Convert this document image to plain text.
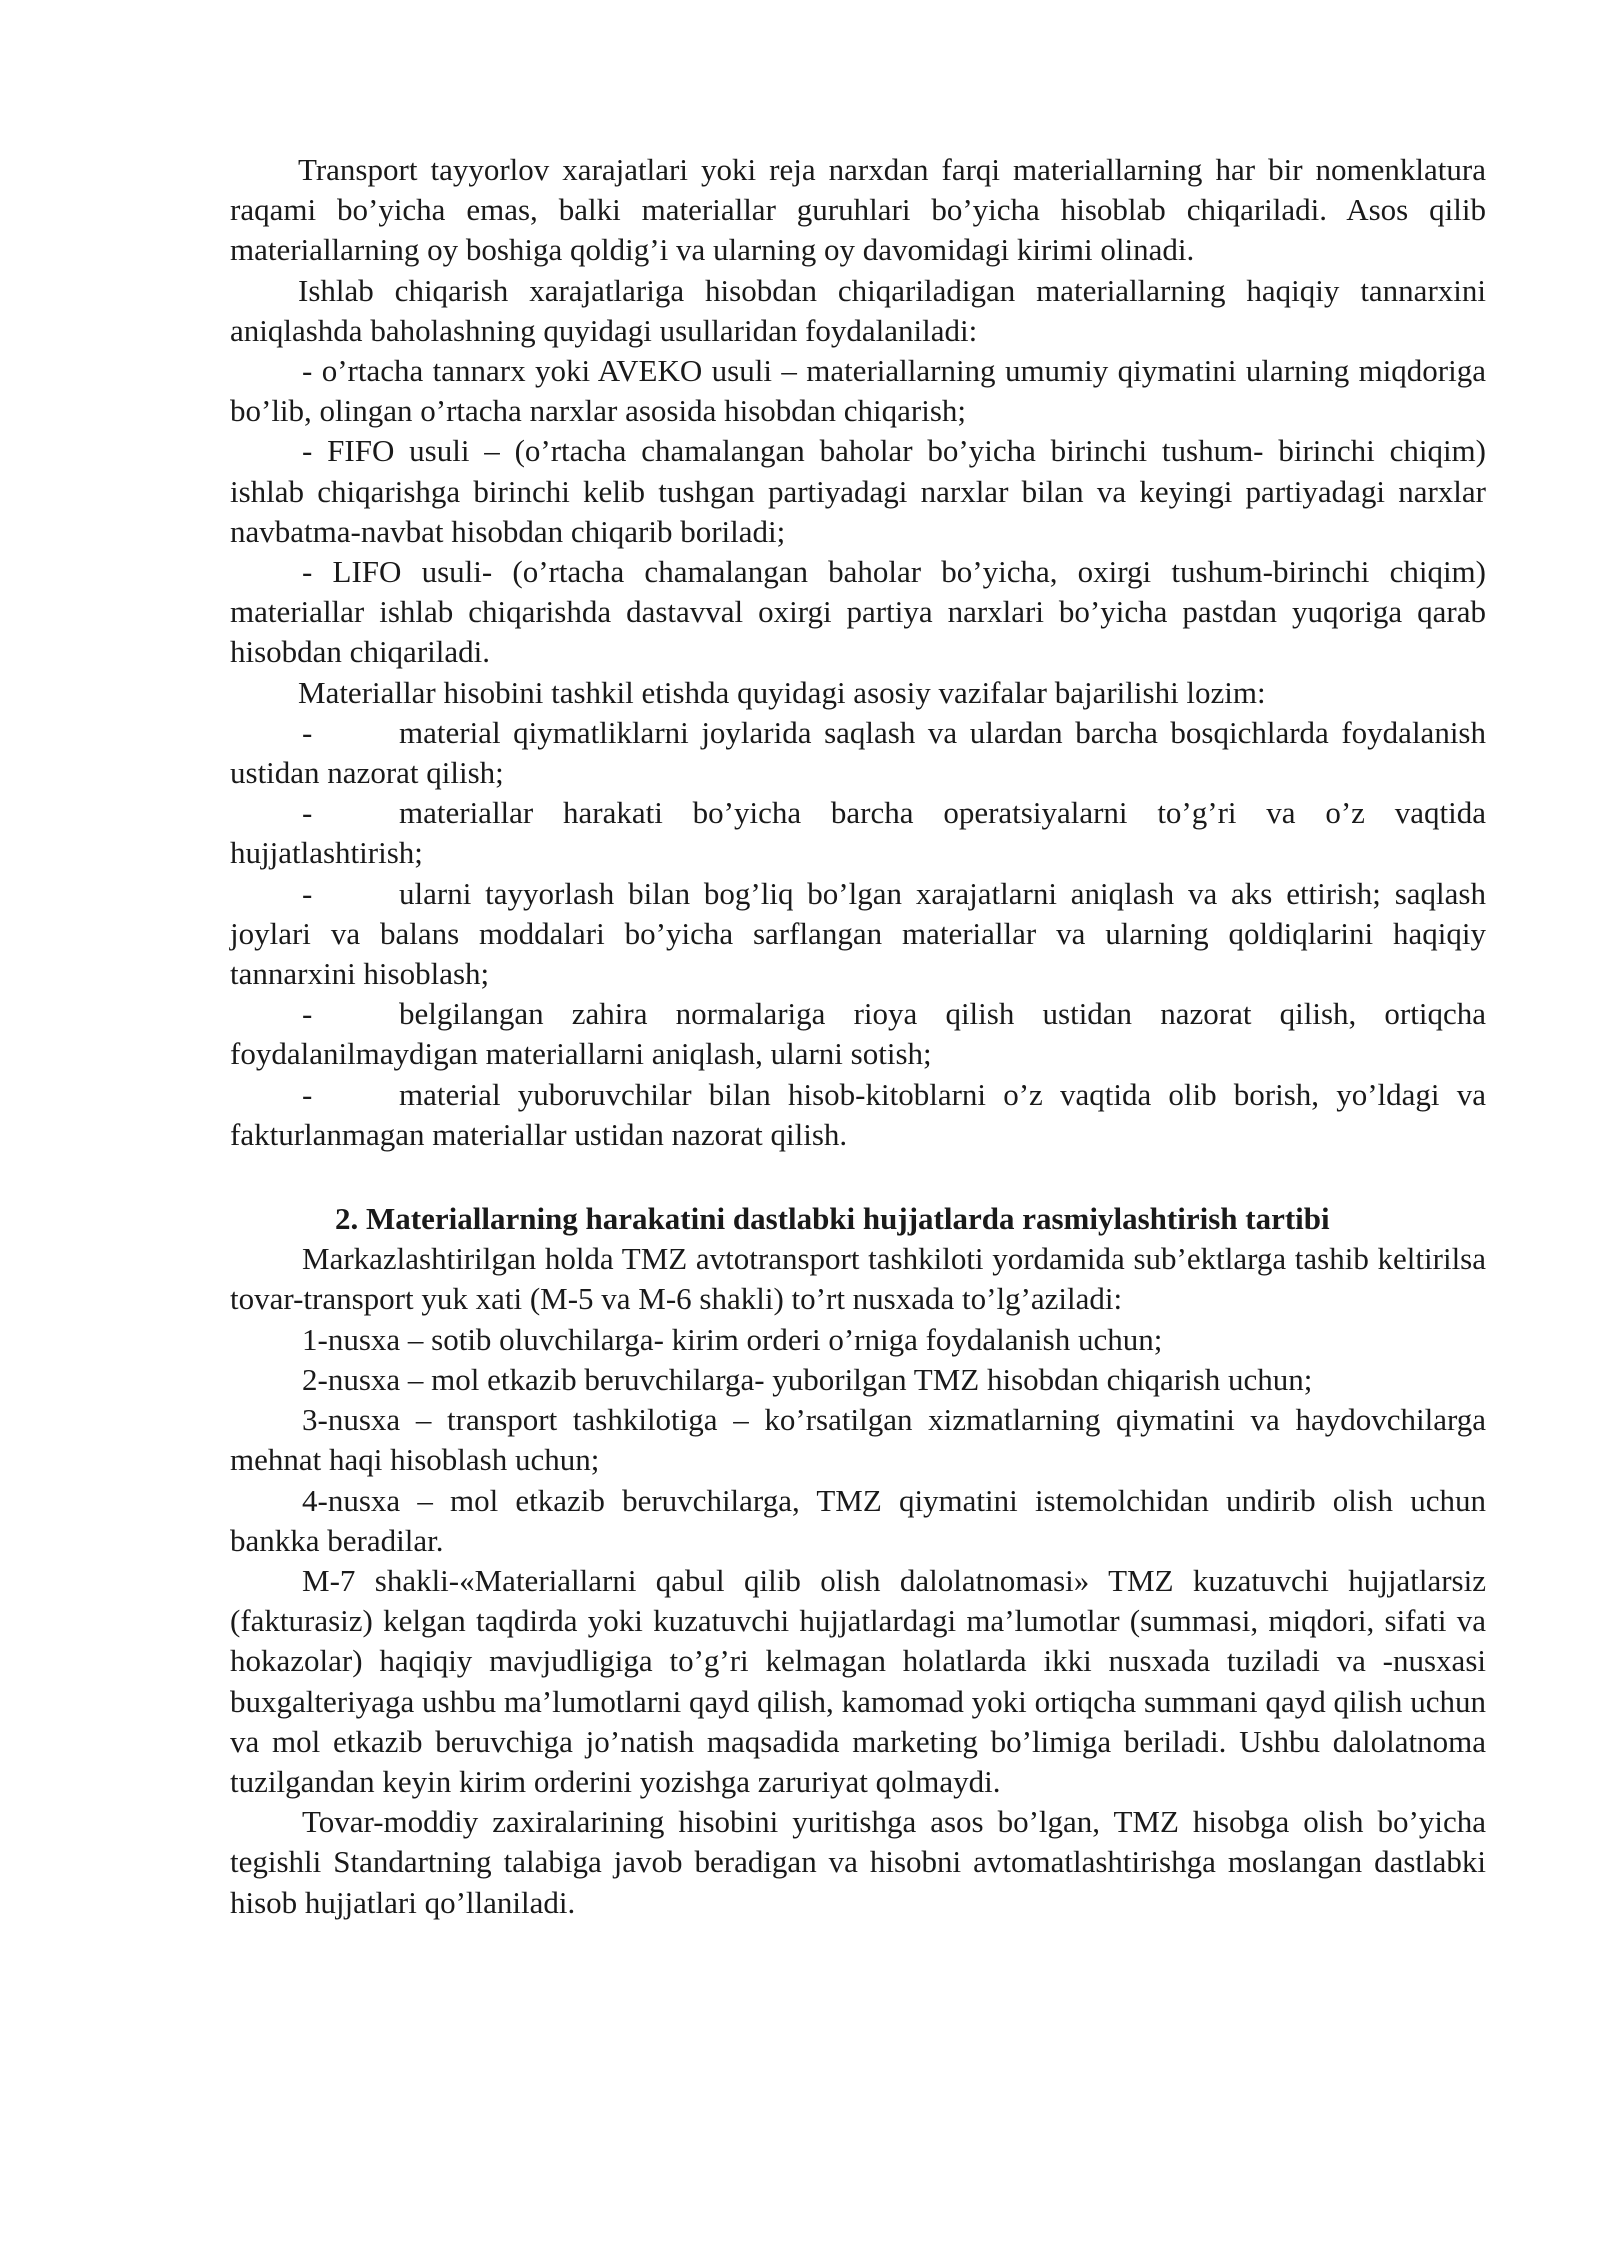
Transport tayyorlov xarajatlari yoki reja narxdan farqi materiallarning har bir nomenklatura raqami bo’yicha emas, balki materiallar guruhlari bo’yicha hisoblab chiqariladi. Asos qilib materiallarning oy boshiga qoldig’i va ularning oy davomidagi kirimi olinadi.

Ishlab chiqarish xarajatlariga hisobdan chiqariladigan materiallarning haqiqiy tannarxini aniqlashda baholashning quyidagi usullaridan foydalaniladi:

- o’rtacha tannarx yoki AVEKO usuli – materiallarning umumiy qiymatini ularning miqdoriga bo’lib, olingan o’rtacha narxlar asosida hisobdan chiqarish;

- FIFO usuli – (o’rtacha chamalangan baholar bo’yicha birinchi tushum- birinchi chiqim) ishlab chiqarishga birinchi kelib tushgan partiyadagi narxlar bilan va keyingi partiyadagi narxlar navbatma-navbat hisobdan chiqarib boriladi;

- LIFO usuli- (o’rtacha chamalangan baholar bo’yicha, oxirgi tushum-birinchi chiqim) materiallar ishlab chiqarishda dastavval oxirgi partiya narxlari bo’yicha pastdan yuqoriga qarab hisobdan chiqariladi.

Materiallar hisobini tashkil etishda quyidagi asosiy vazifalar bajarilishi lozim:

-	material qiymatliklarni joylarida saqlash va ulardan barcha bosqichlarda foydalanish ustidan nazorat qilish;

-	materiallar harakati bo’yicha barcha operatsiyalarni to’g’ri va o’z vaqtida hujjatlashtirish;

-	ularni tayyorlash bilan bog’liq bo’lgan xarajatlarni aniqlash va aks ettirish; saqlash joylari va balans moddalari bo’yicha sarflangan materiallar va ularning qoldiqlarini haqiqiy tannarxini hisoblash;

-	belgilangan zahira normalariga rioya qilish ustidan nazorat qilish, ortiqcha foydalanilmaydigan materiallarni aniqlash, ularni sotish;

-	material yuboruvchilar bilan hisob-kitoblarni o’z vaqtida olib borish, yo’ldagi va fakturlanmagan materiallar ustidan nazorat qilish.

2. Materiallarning harakatini dastlabki hujjatlarda rasmiylashtirish tartibi

Markazlashtirilgan holda TMZ avtotransport tashkiloti yordamida sub’ektlarga tashib keltirilsa tovar-transport yuk xati (M-5 va M-6 shakli) to’rt nusxada to’lg’aziladi:

1-nusxa – sotib oluvchilarga- kirim orderi o’rniga foydalanish uchun;

2-nusxa – mol etkazib beruvchilarga- yuborilgan TMZ hisobdan chiqarish uchun;

3-nusxa – transport tashkilotiga – ko’rsatilgan xizmatlarning qiymatini va haydovchilarga mehnat haqi hisoblash uchun;

4-nusxa – mol etkazib beruvchilarga, TMZ qiymatini istemolchidan undirib olish uchun bankka beradilar.

M-7 shakli-«Materiallarni qabul qilib olish dalolatnomasi» TMZ kuzatuvchi hujjatlarsiz (fakturasiz) kelgan taqdirda yoki kuzatuvchi hujjatlardagi ma’lumotlar (summasi, miqdori, sifati va hokazolar) haqiqiy mavjudligiga to’g’ri kelmagan holatlarda ikki nusxada tuziladi va -nusxasi buxgalteriyaga ushbu ma’lumotlarni qayd qilish, kamomad yoki ortiqcha summani qayd qilish uchun va mol etkazib beruvchiga jo’natish maqsadida marketing bo’limiga beriladi. Ushbu dalolatnoma tuzilgandan keyin kirim orderini yozishga zaruriyat qolmaydi.

Tovar-moddiy zaxiralarining hisobini yuritishga asos bo’lgan, TMZ hisobga olish bo’yicha tegishli Standartning talabiga javob beradigan va hisobni avtomatlashtirishga moslangan dastlabki hisob hujjatlari qo’llaniladi.
